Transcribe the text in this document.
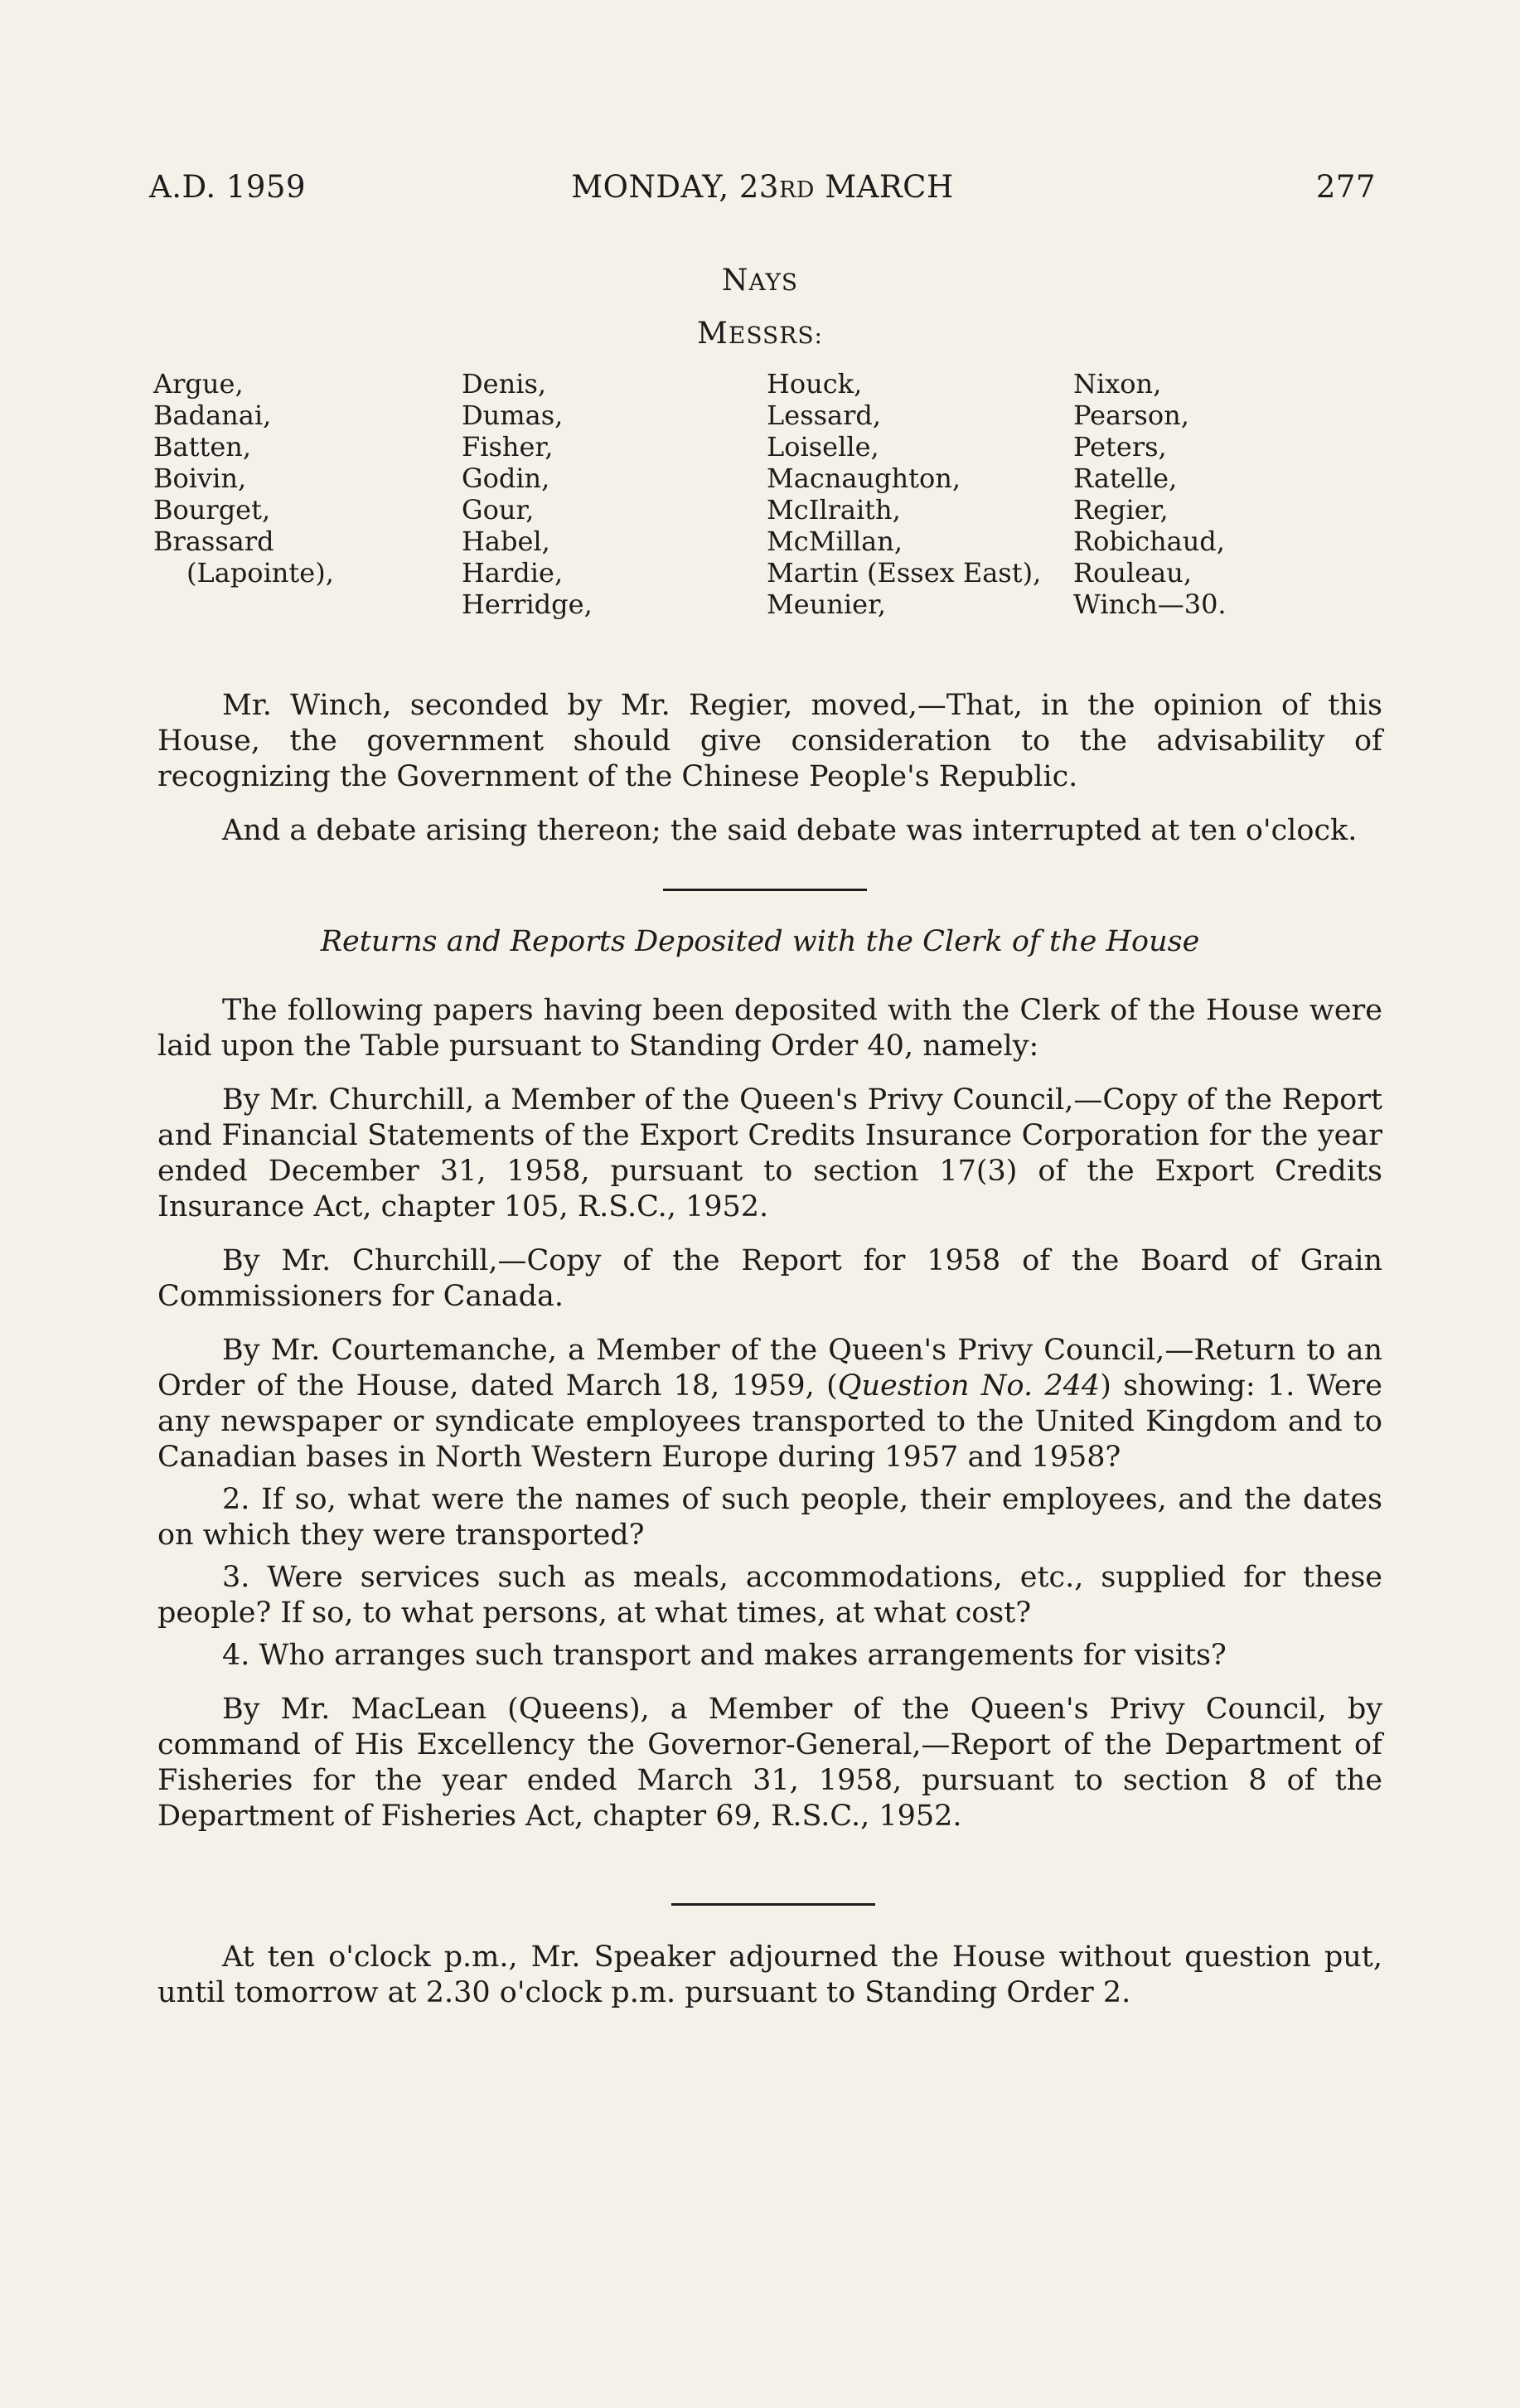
A.D. 1959	MONDAY, 23RD MARCH	277
NAYS
MESSRS:
Argue,
Badanai,
Batten,
Boivin,
Bourget,
Brassard
(Lapointe),
Denis,
Dumas,
Fisher,
Godin,
Gour,
Habel,
Hardie,
Herridge,
Houck,
Lessard,
Loiselle,
Macnaughton,
McIlraith,
McMillan,
Martin (Essex East),
Meunier,
Nixon,
Pearson,
Peters,
Ratelle,
Regier,
Robichaud,
Rouleau,
Winch—30.

Mr. Winch, seconded by Mr. Regier, moved,—That, in the opinion of this House, the government should give consideration to the advisability of recognizing the Government of the Chinese People's Republic.

And a debate arising thereon; the said debate was interrupted at ten o'clock.

Returns and Reports Deposited with the Clerk of the House

The following papers having been deposited with the Clerk of the House were laid upon the Table pursuant to Standing Order 40, namely:

By Mr. Churchill, a Member of the Queen's Privy Council,—Copy of the Report and Financial Statements of the Export Credits Insurance Corporation for the year ended December 31, 1958, pursuant to section 17(3) of the Export Credits Insurance Act, chapter 105, R.S.C., 1952.

By Mr. Churchill,—Copy of the Report for 1958 of the Board of Grain Commissioners for Canada.

By Mr. Courtemanche, a Member of the Queen's Privy Council,—Return to an Order of the House, dated March 18, 1959, (Question No. 244) showing: 1. Were any newspaper or syndicate employees transported to the United Kingdom and to Canadian bases in North Western Europe during 1957 and 1958?

2. If so, what were the names of such people, their employees, and the dates on which they were transported?

3. Were services such as meals, accommodations, etc., supplied for these people? If so, to what persons, at what times, at what cost?

4. Who arranges such transport and makes arrangements for visits?

By Mr. MacLean (Queens), a Member of the Queen's Privy Council, by command of His Excellency the Governor-General,—Report of the Department of Fisheries for the year ended March 31, 1958, pursuant to section 8 of the Department of Fisheries Act, chapter 69, R.S.C., 1952.

At ten o'clock p.m., Mr. Speaker adjourned the House without question put, until tomorrow at 2.30 o'clock p.m. pursuant to Standing Order 2.
